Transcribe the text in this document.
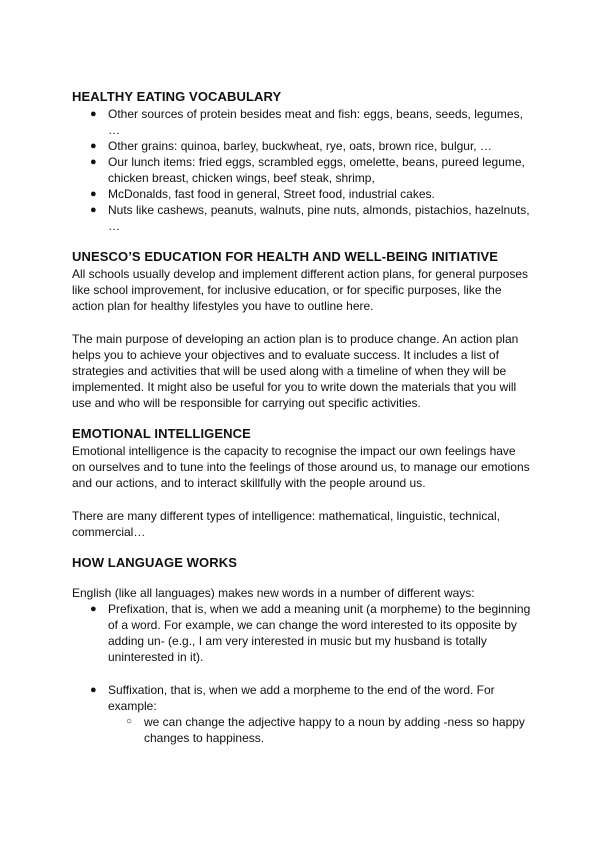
HEALTHY EATING VOCABULARY
● Other sources of protein besides meat and fish: eggs, beans, seeds, legumes, …
● Other grains: quinoa, barley, buckwheat, rye, oats, brown rice, bulgur, …
● Our lunch items: fried eggs, scrambled eggs, omelette, beans, pureed legume, chicken breast, chicken wings, beef steak, shrimp,
● McDonalds, fast food in general, Street food, industrial cakes.
● Nuts like cashews, peanuts, walnuts, pine nuts, almonds, pistachios, hazelnuts, …
UNESCO’S EDUCATION FOR HEALTH AND WELL-BEING INITIATIVE

All schools usually develop and implement different action plans, for general purposes like school improvement, for inclusive education, or for specific purposes, like the action plan for healthy lifestyles you have to outline here.

The main purpose of developing an action plan is to produce change. An action plan helps you to achieve your objectives and to evaluate success. It includes a list of strategies and activities that will be used along with a timeline of when they will be implemented. It might also be useful for you to write down the materials that you will use and who will be responsible for carrying out specific activities.

EMOTIONAL INTELLIGENCE

Emotional intelligence is the capacity to recognise the impact our own feelings have on ourselves and to tune into the feelings of those around us, to manage our emotions and our actions, and to interact skillfully with the people around us.

There are many different types of intelligence: mathematical, linguistic, technical, commercial…

HOW LANGUAGE WORKS

English (like all languages) makes new words in a number of different ways:

● Prefixation, that is, when we add a meaning unit (a morpheme) to the beginning of a word. For example, we can change the word interested to its opposite by adding un- (e.g., I am very interested in music but my husband is totally uninterested in it).
● Suffixation, that is, when we add a morpheme to the end of the word. For example:
○ we can change the adjective happy to a noun by adding -ness so happy changes to happiness.
